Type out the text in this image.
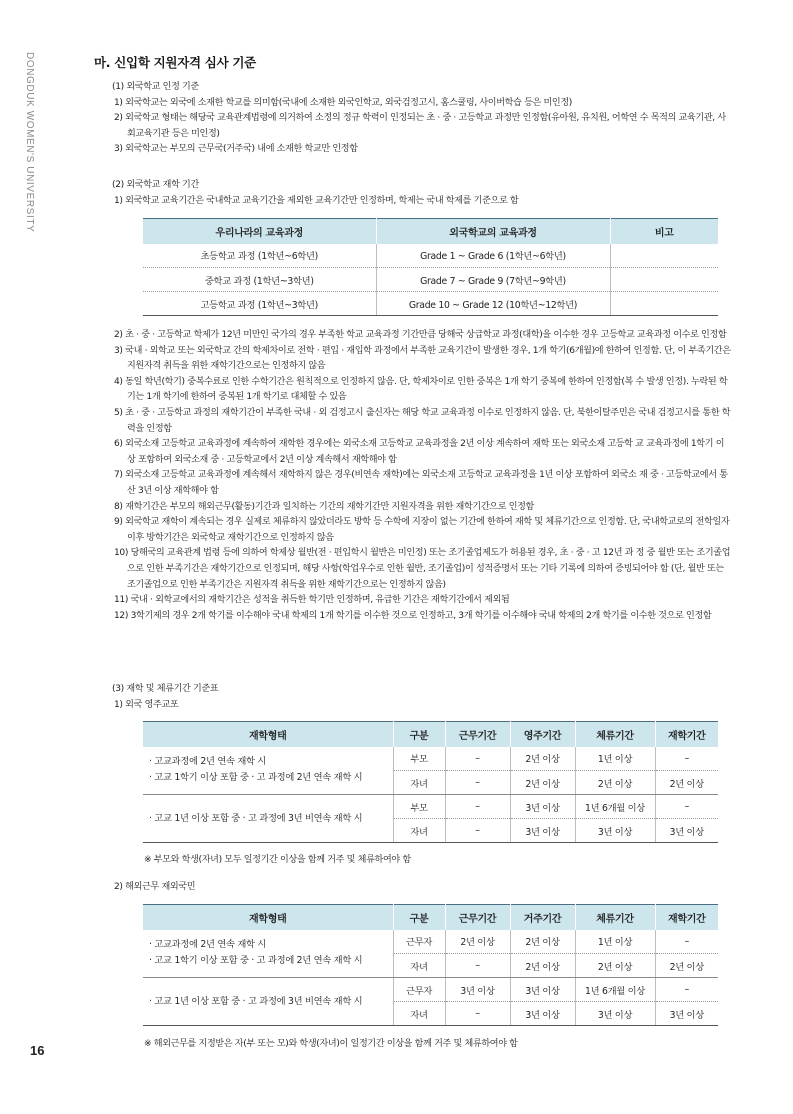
DONGDUK WOMEN'S UNIVERSITY
16
마. 신입학 지원자격 심사 기준
(1) 외국학교 인정 기준
1) 외국학교는 외국에 소재한 학교를 의미함(국내에 소재한 외국인학교, 외국검정고시, 홈스쿨링, 사이버학습 등은 미인정)
2) 외국학교 형태는 해당국 교육관계법령에 의거하여 소정의 정규 학력이 인정되는 초 · 중 · 고등학교 과정만 인정함(유아원, 유치원, 어학연 수 목적의 교육기관, 사회교육기관 등은 미인정)
3) 외국학교는 부모의 근무국(거주국) 내에 소재한 학교만 인정함
(2) 외국학교 재학 기간
1) 외국학교 교육기간은 국내학교 교육기간을 제외한 교육기간만 인정하며, 학제는 국내 학제를 기준으로 함
우리나라의 교육과정	외국학교의 교육과정	비고
초등학교 과정 (1학년~6학년)	Grade 1 ~ Grade 6 (1학년~6학년)	
중학교 과정 (1학년~3학년)	Grade 7 ~ Grade 9 (7학년~9학년)	
고등학교 과정 (1학년~3학년)	Grade 10 ~ Grade 12 (10학년~12학년)	
2) 초 · 중 · 고등학교 학제가 12년 미만인 국가의 경우 부족한 학교 교육과정 기간만큼 당해국 상급학교 과정(대학)을 이수한 경우 고등학교 교육과정 이수로 인정함
3) 국내 · 외학교 또는 외국학교 간의 학제차이로 전학 · 편입 · 재입학 과정에서 부족한 교육기간이 발생한 경우, 1개 학기(6개월)에 한하여 인정함. 단, 이 부족기간은 지원자격 취득을 위한 재학기간으로는 인정하지 않음
4) 동일 학년(학기) 중복수료로 인한 수학기간은 원칙적으로 인정하지 않음. 단, 학제차이로 인한 중복은 1개 학기 중복에 한하여 인정함(복 수 발생 인정). 누락된 학기는 1개 학기에 한하여 중복된 1개 학기로 대체할 수 있음
5) 초 · 중 · 고등학교 과정의 재학기간이 부족한 국내 · 외 검정고시 출신자는 해당 학교 교육과정 이수로 인정하지 않음. 단, 북한이탈주민은 국내 검정고시를 통한 학력을 인정함
6) 외국소재 고등학교 교육과정에 계속하여 재학한 경우에는 외국소재 고등학교 교육과정을 2년 이상 계속하여 재학 또는 외국소재 고등학 교 교육과정에 1학기 이상 포함하여 외국소재 중 · 고등학교에서 2년 이상 계속해서 재학해야 함
7) 외국소재 고등학교 교육과정에 계속해서 재학하지 않은 경우(비연속 재학)에는 외국소재 고등학교 교육과정을 1년 이상 포함하여 외국소 재 중 · 고등학교에서 통산 3년 이상 재학해야 함
8) 재학기간은 부모의 해외근무(활동)기간과 일치하는 기간의 재학기간만 지원자격을 위한 재학기간으로 인정함
9) 외국학교 재학이 계속되는 경우 실제로 체류하지 않았더라도 방학 등 수학에 지장이 없는 기간에 한하여 재학 및 체류기간으로 인정함. 단, 국내학교로의 전학일자 이후 방학기간은 외국학교 재학기간으로 인정하지 않음
10) 당해국의 교육관계 법령 등에 의하여 학제상 월반(전 · 편입학시 월반은 미인정) 또는 조기졸업제도가 허용된 경우, 초 · 중 · 고 12년 과 정 중 월반 또는 조기졸업으로 인한 부족기간은 재학기간으로 인정되며, 해당 사항(학업우수로 인한 월반, 조기졸업)이 성적증명서 또는 기타 기록에 의하여 증빙되어야 함 (단, 월반 또는 조기졸업으로 인한 부족기간은 지원자격 취득을 위한 재학기간으로는 인정하지 않음)
11) 국내 · 외학교에서의 재학기간은 성적을 취득한 학기만 인정하며, 유급한 기간은 재학기간에서 제외됨
12) 3학기제의 경우 2개 학기를 이수해야 국내 학제의 1개 학기를 이수한 것으로 인정하고, 3개 학기를 이수해야 국내 학제의 2개 학기를 이수한 것으로 인정함
(3) 재학 및 체류기간 기준표
1) 외국 영주교포
재학형태	구분	근무기간	영주기간	체류기간	재학기간

· 고교과정에 2년 연속 재학 시
· 고교 1학기 이상 포함 중 · 고 과정에 2년 연속 재학 시	부모	–	2년 이상	1년 이상	–
	자녀	–	2년 이상	2년 이상	2년 이상

· 고교 1년 이상 포함 중 · 고 과정에 3년 비연속 재학 시	부모	–	3년 이상	1년 6개월 이상	–
	자녀	–	3년 이상	3년 이상	3년 이상
※ 부모와 학생(자녀) 모두 일정기간 이상을 함께 거주 및 체류하여야 함
2) 해외근무 재외국민
재학형태	구분	근무기간	거주기간	체류기간	재학기간

· 고교과정에 2년 연속 재학 시
· 고교 1학기 이상 포함 중 · 고 과정에 2년 연속 재학 시	근무자	2년 이상	2년 이상	1년 이상	–
	자녀	–	2년 이상	2년 이상	2년 이상

· 고교 1년 이상 포함 중 · 고 과정에 3년 비연속 재학 시	근무자	3년 이상	3년 이상	1년 6개월 이상	–
	자녀	–	3년 이상	3년 이상	3년 이상
※ 해외근무를 지정받은 자(부 또는 모)와 학생(자녀)이 일정기간 이상을 함께 거주 및 체류하여야 함
